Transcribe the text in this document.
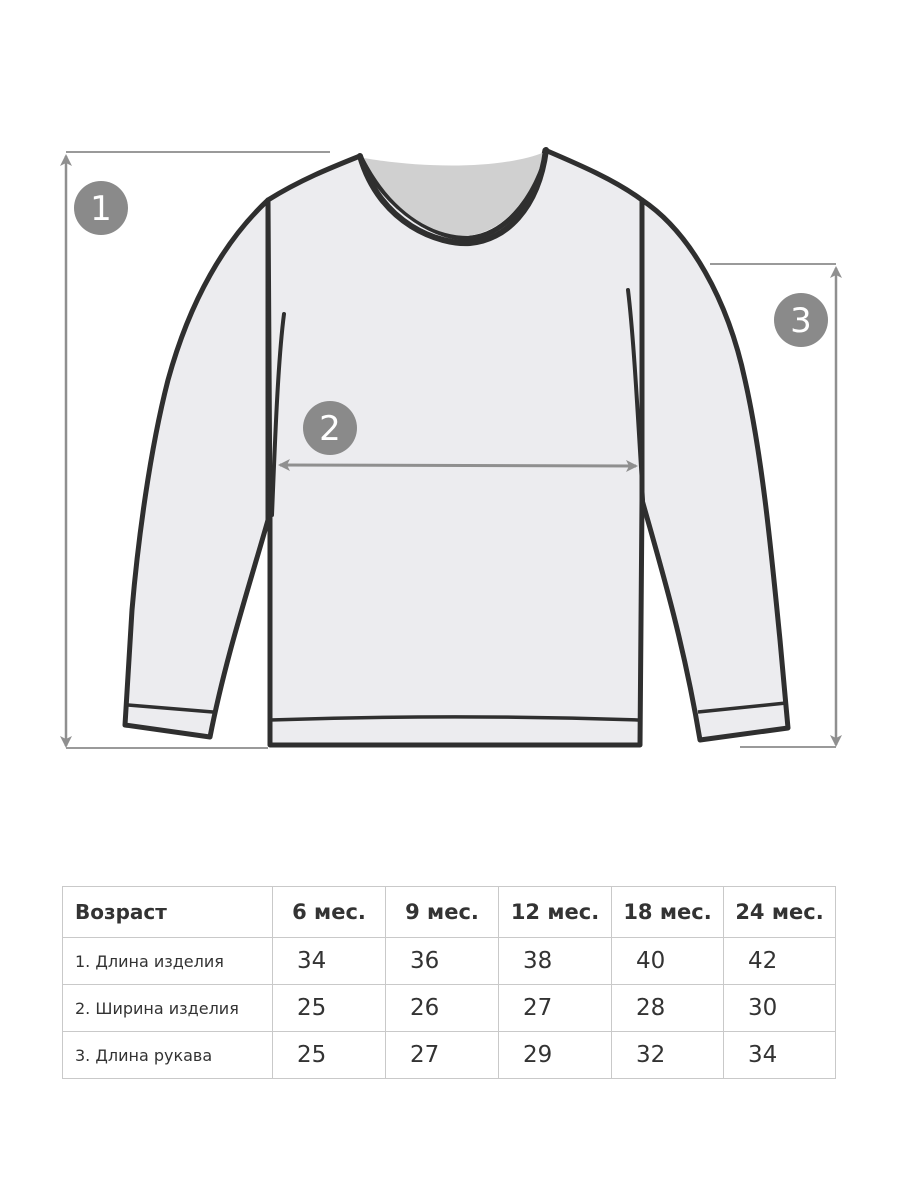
1
2
3
Возраст	6 мес.	9 мес.	12 мес.	18 мес.	24 мес.
1. Длина изделия	34	36	38	40	42
2. Ширина изделия	25	26	27	28	30
3. Длина рукава	25	27	29	32	34
